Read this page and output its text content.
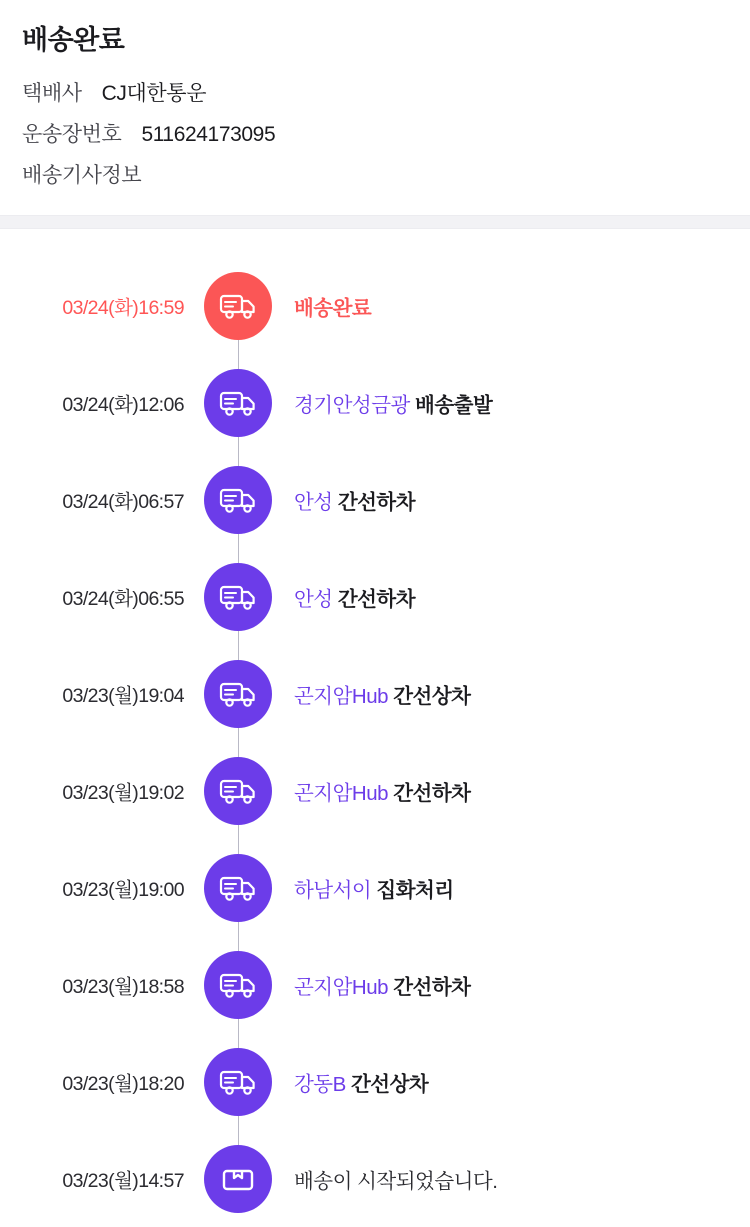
배송완료
택배사 CJ대한통운
운송장번호 511624173095
배송기사정보
03/24(화)16:59	배송완료
03/24(화)12:06	경기안성금광 배송출발
03/24(화)06:57	안성 간선하차
03/24(화)06:55	안성 간선하차
03/23(월)19:04	곤지암Hub 간선상차
03/23(월)19:02	곤지암Hub 간선하차
03/23(월)19:00	하남서이 집화처리
03/23(월)18:58	곤지암Hub 간선하차
03/23(월)18:20	강동B 간선상차
03/23(월)14:57	배송이 시작되었습니다.
